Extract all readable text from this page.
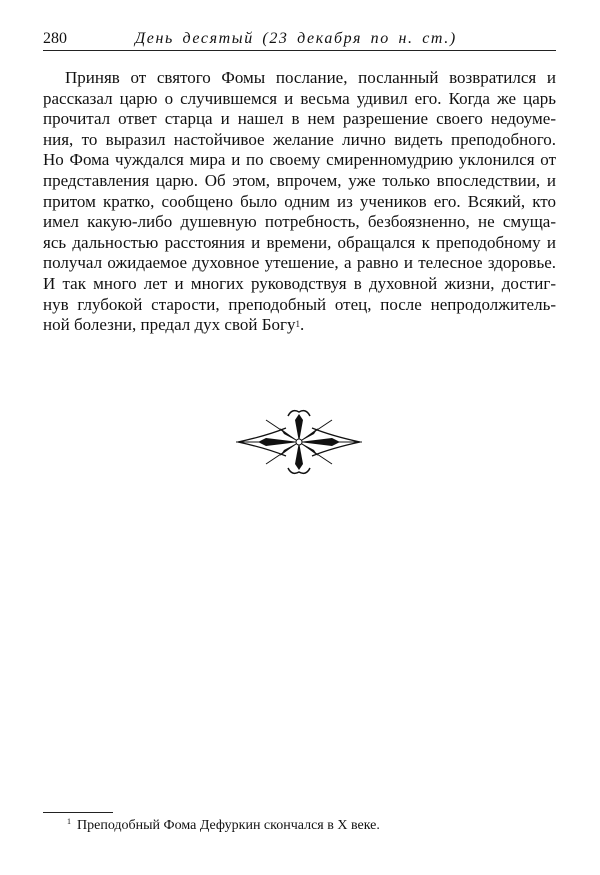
280	День десятый (23 декабря по н. ст.)
Приняв от святого Фомы послание, посланный возвратился и
рассказал царю о случившемся и весьма удивил его. Когда же царь
прочитал ответ старца и нашел в нем разрешение своего недоуме-
ния, то выразил настойчивое желание лично видеть преподобного.
Но Фома чуждался мира и по своему смиренномудрию уклонился от
представления царю. Об этом, впрочем, уже только впоследствии, и
притом кратко, сообщено было одним из учеников его. Всякий, кто
имел какую-либо душевную потребность, безбоязненно, не смуща-
ясь дальностью расстояния и времени, обращался к преподобному и
получал ожидаемое духовное утешение, а равно и телесное здоровье.
И так много лет и многих руководствуя в духовной жизни, достиг-
нув глубокой старости, преподобный отец, после непродолжитель-
ной болезни, предал дух свой Богу$^1$.
$^1$ Преподобный Фома Дефуркин скончался в X веке.
